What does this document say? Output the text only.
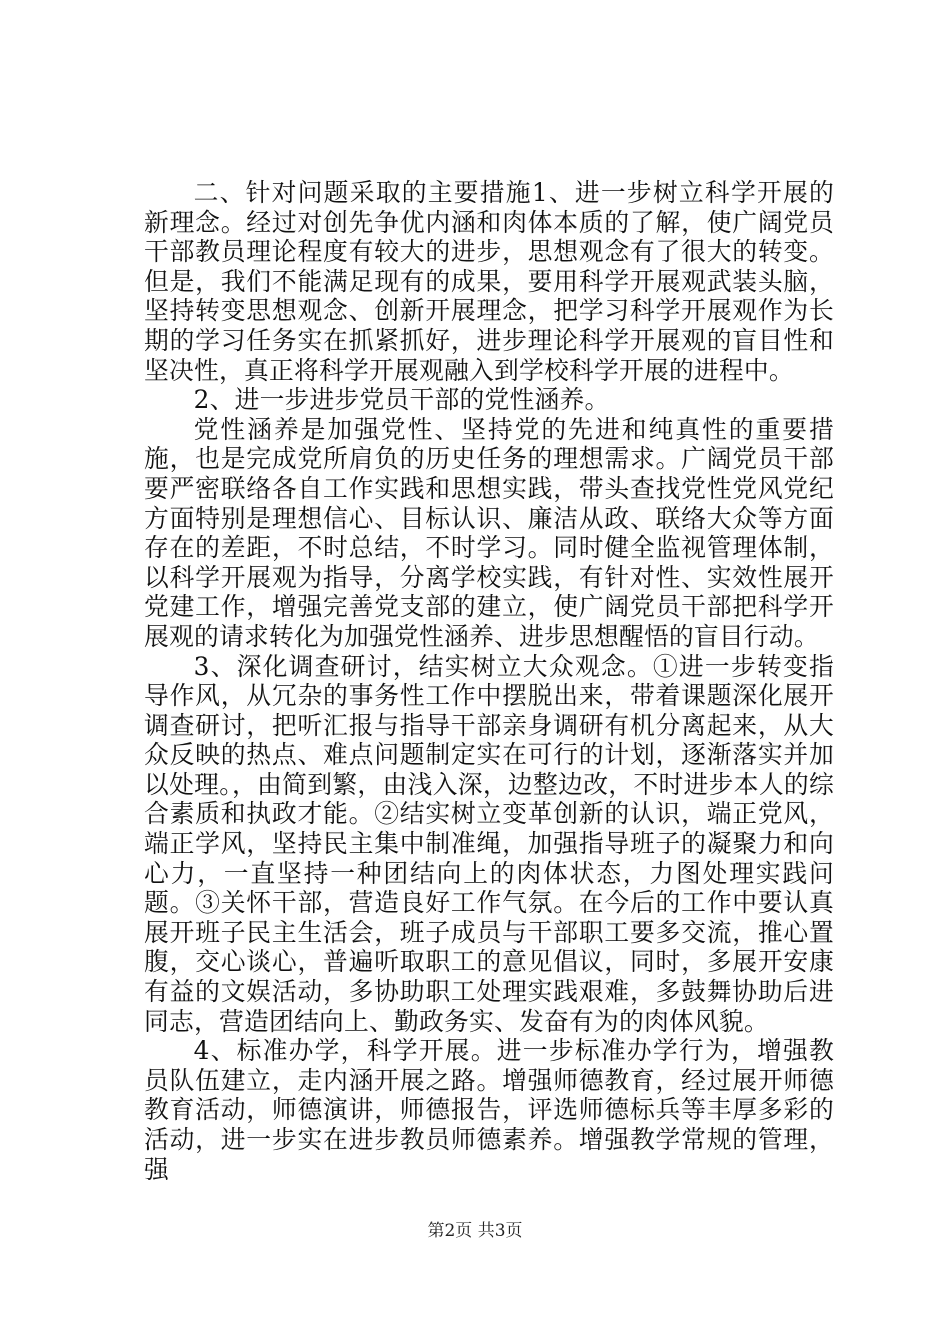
二、针对问题采取的主要措施1、进一步树立科学开展的新理念。经过对创先争优内涵和肉体本质的了解，使广阔党员干部教员理论程度有较大的进步，思想观念有了很大的转变。但是，我们不能满足现有的成果，要用科学开展观武装头脑，坚持转变思想观念、创新开展理念，把学习科学开展观作为长期的学习任务实在抓紧抓好，进步理论科学开展观的盲目性和坚决性，真正将科学开展观融入到学校科学开展的进程中。

2、进一步进步党员干部的党性涵养。

党性涵养是加强党性、坚持党的先进和纯真性的重要措施，也是完成党所肩负的历史任务的理想需求。广阔党员干部要严密联络各自工作实践和思想实践，带头查找党性党风党纪方面特别是理想信心、目标认识、廉洁从政、联络大众等方面存在的差距，不时总结，不时学习。同时健全监视管理体制，以科学开展观为指导，分离学校实践，有针对性、实效性展开党建工作，增强完善党支部的建立，使广阔党员干部把科学开展观的请求转化为加强党性涵养、进步思想醒悟的盲目行动。

3、深化调查研讨，结实树立大众观念。①进一步转变指导作风，从冗杂的事务性工作中摆脱出来，带着课题深化展开调查研讨，把听汇报与指导干部亲身调研有机分离起来，从大众反映的热点、难点问题制定实在可行的计划，逐渐落实并加以处理。，由简到繁，由浅入深，边整边改，不时进步本人的综合素质和执政才能。②结实树立变革创新的认识，端正党风，端正学风，坚持民主集中制准绳，加强指导班子的凝聚力和向心力，一直坚持一种团结向上的肉体状态，力图处理实践问题。③关怀干部，营造良好工作气氛。在今后的工作中要认真展开班子民主生活会，班子成员与干部职工要多交流，推心置腹，交心谈心，普遍听取职工的意见倡议，同时，多展开安康有益的文娱活动，多协助职工处理实践艰难，多鼓舞协助后进同志，营造团结向上、勤政务实、发奋有为的肉体风貌。

4、标准办学，科学开展。进一步标准办学行为，增强教员队伍建立，走内涵开展之路。增强师德教育，经过展开师德教育活动，师德演讲，师德报告，评选师德标兵等丰厚多彩的活动，进一步实在进步教员师德素养。增强教学常规的管理，强

第2页 共3页
